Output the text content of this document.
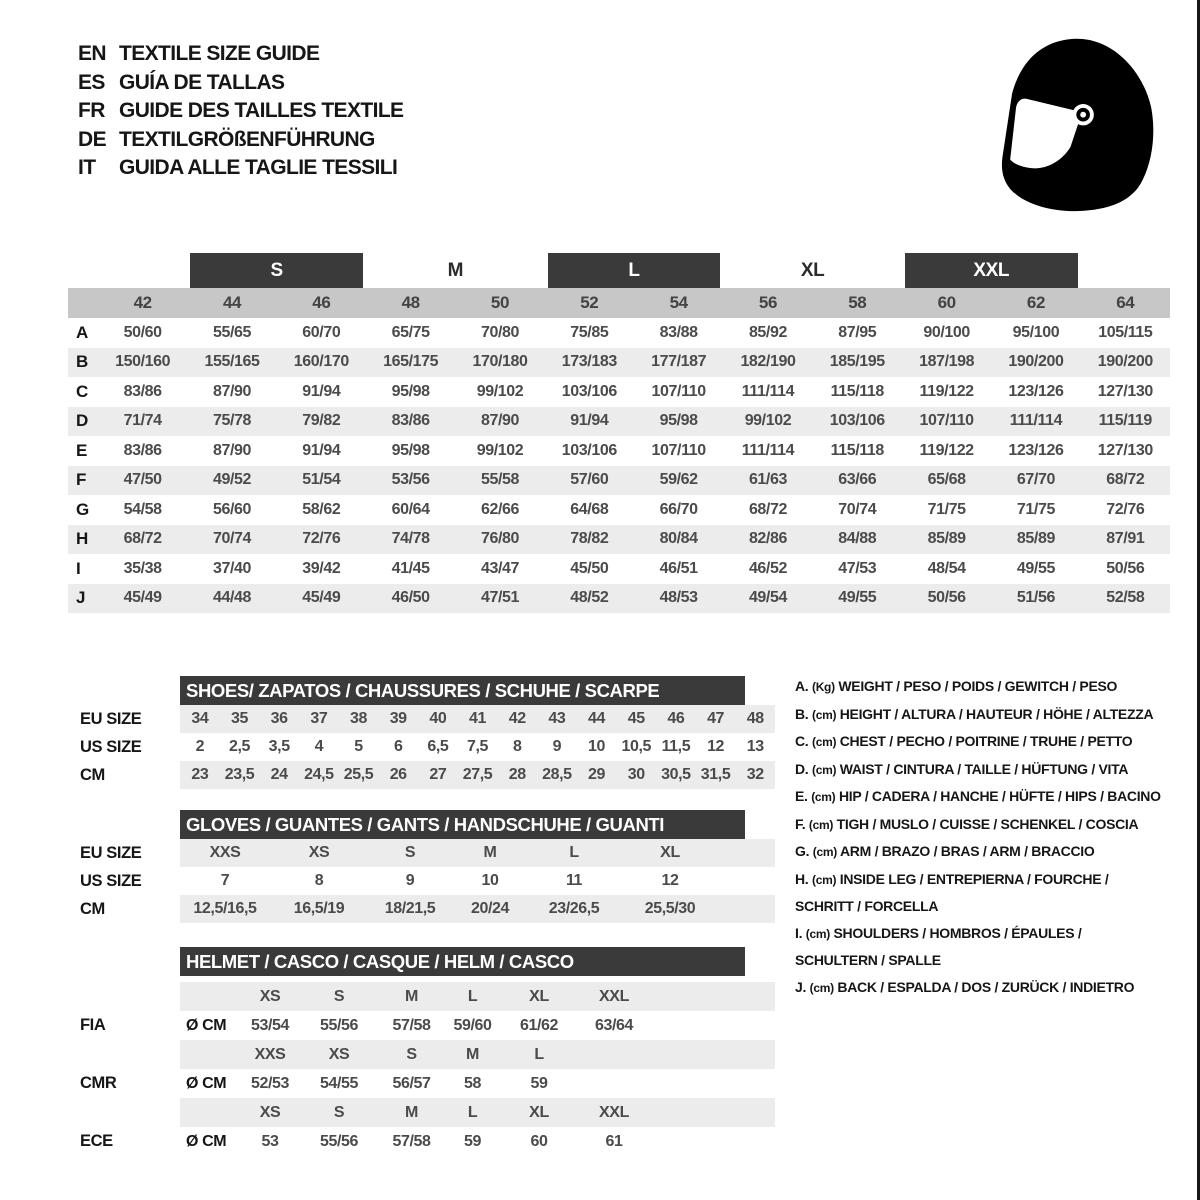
EN TEXTILE SIZE GUIDE
ES GUÍA DE TALLAS
FR GUIDE DES TAILLES TEXTILE
DE TEXTILGRÖßENFÜHRUNG
IT	GUIDA ALLE TAGLIE TESSILI

		S		M		L		XL		XXL		

	42	44	46	48	50	52	54	56	58	60	62	64
A	50/60	55/65	60/70	65/75	70/80	75/85	83/88	85/92	87/95	90/100	95/100	105/115
B	150/160	155/165	160/170	165/175	170/180	173/183	177/187	182/190	185/195	187/198	190/200	190/200
C	83/86	87/90	91/94	95/98	99/102	103/106	107/110	111/114	115/118	119/122	123/126	127/130
D	71/74	75/78	79/82	83/86	87/90	91/94	95/98	99/102	103/106	107/110	111/114	115/119
E	83/86	87/90	91/94	95/98	99/102	103/106	107/110	111/114	115/118	119/122	123/126	127/130
F	47/50	49/52	51/54	53/56	55/58	57/60	59/62	61/63	63/66	65/68	67/70	68/72
G	54/58	56/60	58/62	60/64	62/66	64/68	66/70	68/72	70/74	71/75	71/75	72/76
H	68/72	70/74	72/76	74/78	76/80	78/82	80/84	82/86	84/88	85/89	85/89	87/91
I	35/38	37/40	39/42	41/45	43/47	45/50	46/51	46/52	47/53	48/54	49/55	50/56
J	45/49	44/48	45/49	46/50	47/51	48/52	48/53	49/54	49/55	50/56	51/56	52/58
SHOES/ ZAPATOS / CHAUSSURES / SCHUHE / SCARPE
EU SIZE	34	35	36	37	38	39	40	41	42	43	44	45	46	47	48
US SIZE	2	2,5	3,5	4	5	6	6,5	7,5	8	9	10	10,5 11,5	12	13
CM	23	23,5	24	24,5 25,5	26	27	27,5	28	28,5	29	30	30,5 31,5	32
GLOVES / GUANTES / GANTS / HANDSCHUHE / GUANTI
EU SIZE	XXS	XS	S	M	L	XL
US SIZE	7	8	9	10	11	12
CM	12,5/16,5	16,5/19	18/21,5	20/24	23/26,5	25,5/30
HELMET / CASCO / CASQUE / HELM / CASCO
XS	S	M	L	XL	XXL
FIA	Ø CM	53/54	55/56	57/58	59/60	61/62	63/64
XXS	XS	S	M	L
CMR	Ø CM	52/53	54/55	56/57	58	59
XS	S	M	L	XL	XXL
ECE	Ø CM	53	55/56	57/58	59	60	61
A. (Kg) WEIGHT / PESO / POIDS / GEWITCH / PESO
B. (cm) HEIGHT / ALTURA / HAUTEUR / HÖHE / ALTEZZA
C. (cm) CHEST / PECHO / POITRINE / TRUHE / PETTO
D. (cm) WAIST / CINTURA / TAILLE / HÜFTUNG / VITA
E. (cm) HIP / CADERA / HANCHE / HÜFTE / HIPS / BACINO
F. (cm) TIGH / MUSLO / CUISSE / SCHENKEL / COSCIA
G. (cm) ARM / BRAZO / BRAS / ARM / BRACCIO
H. (cm) INSIDE LEG / ENTREPIERNA / FOURCHE /
SCHRITT / FORCELLA
I. (cm) SHOULDERS / HOMBROS / ÉPAULES /
SCHULTERN / SPALLE
J. (cm) BACK / ESPALDA / DOS / ZURÜCK / INDIETRO
